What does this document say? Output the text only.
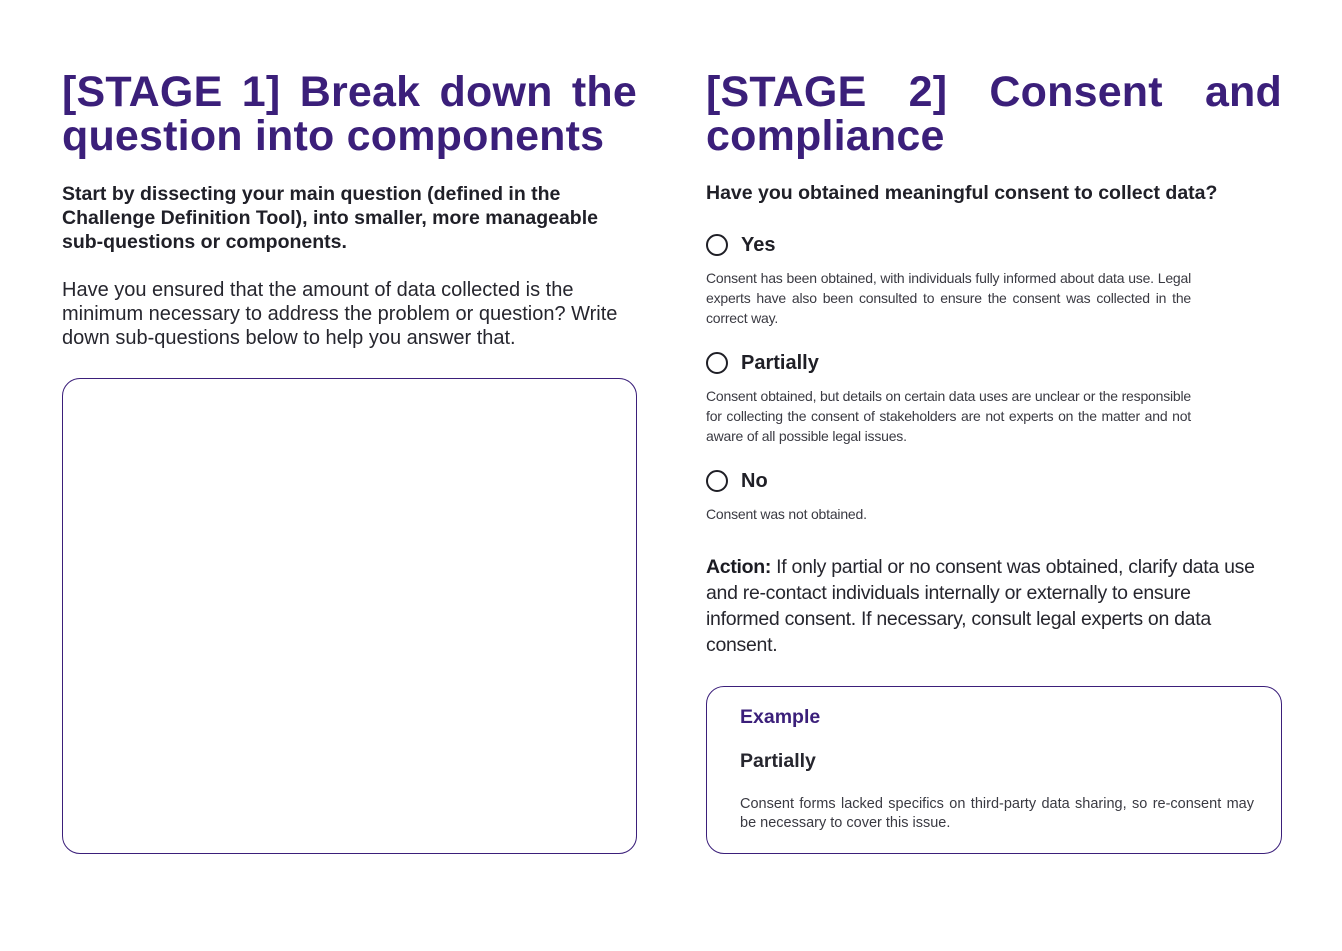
[STAGE 1] Break down the question into components

Start by dissecting your main question (defined in the Challenge Definition Tool), into smaller, more manageable sub-questions or components.

Have you ensured that the amount of data collected is the minimum necessary to address the problem or question? Write down sub-questions below to help you answer that.

[STAGE 2] Consent and compliance

Have you obtained meaningful consent to collect data?

Yes

Consent has been obtained, with individuals fully informed about data use. Legal experts have also been consulted to ensure the consent was collected in the correct way.

Partially

Consent obtained, but details on certain data uses are unclear or the responsible for collecting the consent of stakeholders are not experts on the matter and not aware of all possible legal issues.

No

Consent was not obtained.

Action: If only partial or no consent was obtained, clarify data use and re-contact individuals internally or externally to ensure informed consent. If necessary, consult legal experts on data consent.

Example
Partially

Consent forms lacked specifics on third-party data sharing, so re-consent may be necessary to cover this issue.
